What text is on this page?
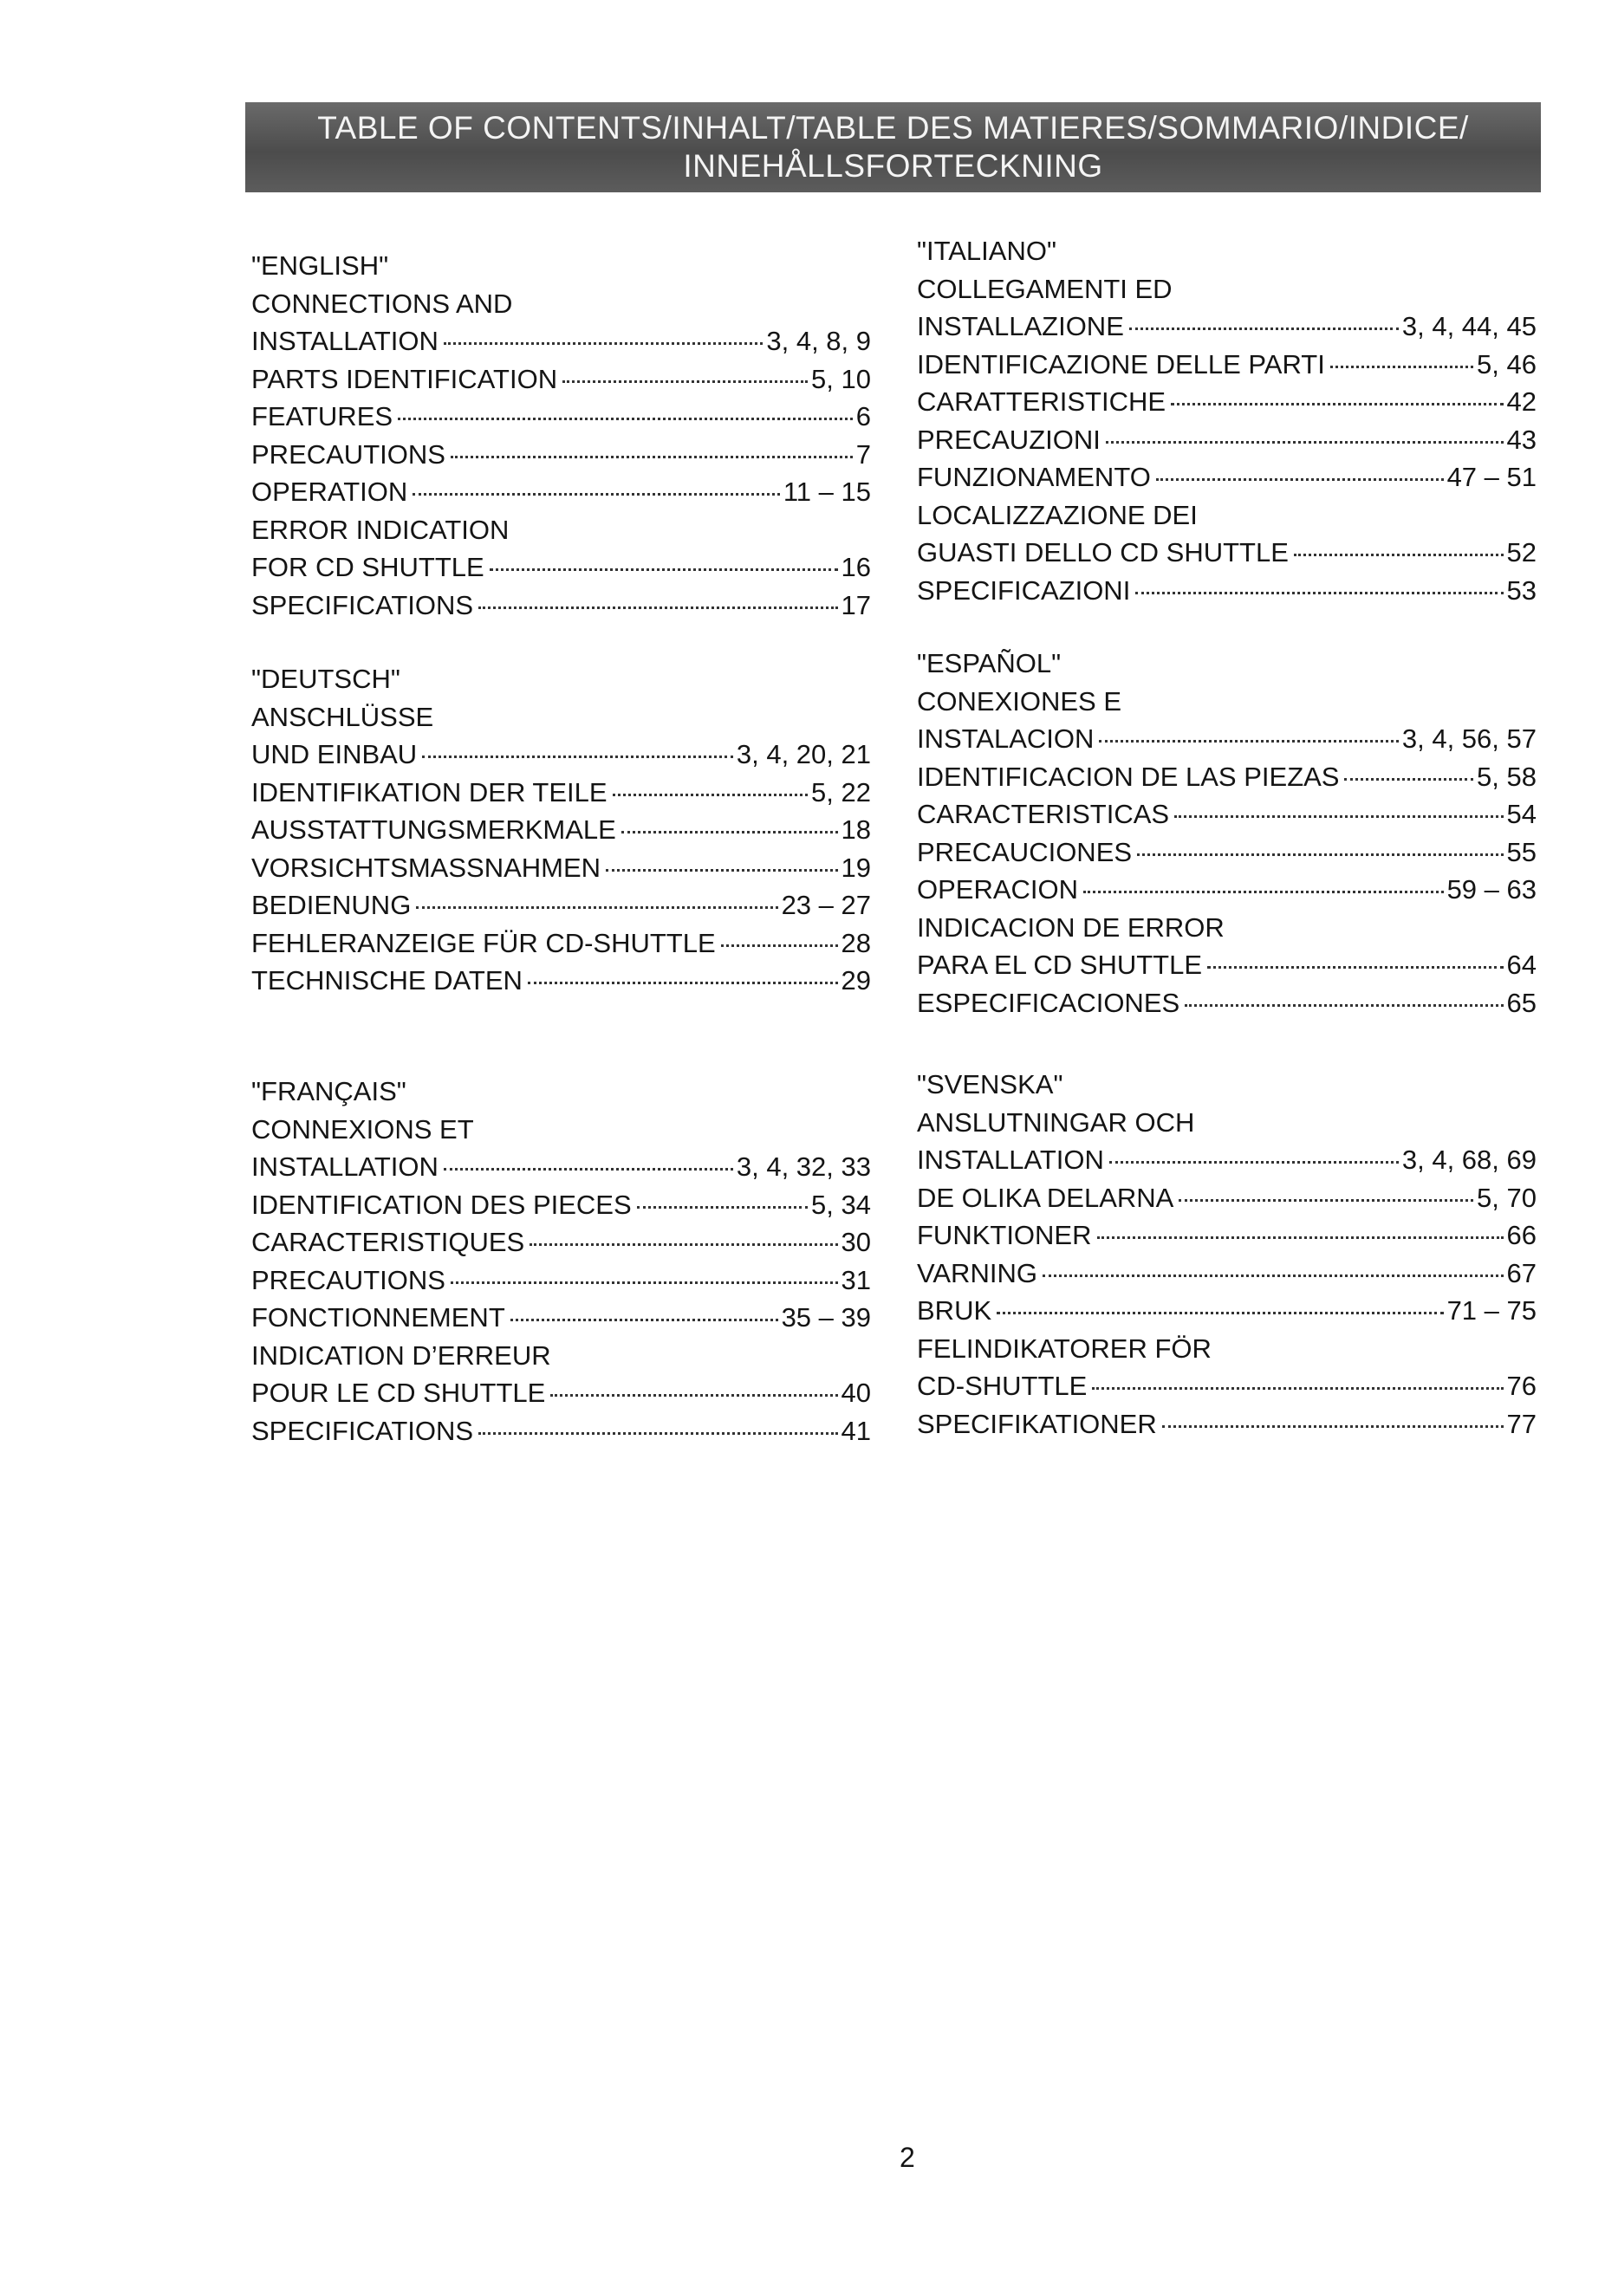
TABLE OF CONTENTS/INHALT/TABLE DES MATIERES/SOMMARIO/INDICE/
INNEHÅLLSFORTECKNING
"ENGLISH"
CONNECTIONS AND
INSTALLATION	3, 4, 8, 9
PARTS IDENTIFICATION	5, 10
FEATURES	6
PRECAUTIONS	7
OPERATION	11 – 15
ERROR INDICATION
FOR CD SHUTTLE	16
SPECIFICATIONS	17
"DEUTSCH"
ANSCHLÜSSE
UND EINBAU	3, 4, 20, 21
IDENTIFIKATION DER TEILE	5, 22
AUSSTATTUNGSMERKMALE	18
VORSICHTSMASSNAHMEN	19
BEDIENUNG	23 – 27
FEHLERANZEIGE FÜR CD-SHUTTLE	28
TECHNISCHE DATEN	29
"FRANÇAIS"
CONNEXIONS ET
INSTALLATION	3, 4, 32, 33
IDENTIFICATION DES PIECES	5, 34
CARACTERISTIQUES	30
PRECAUTIONS	31
FONCTIONNEMENT	35 – 39
INDICATION D’ERREUR
POUR LE CD SHUTTLE	40
SPECIFICATIONS	41
"ITALIANO"
COLLEGAMENTI ED
INSTALLAZIONE	3, 4, 44, 45
IDENTIFICAZIONE DELLE PARTI	5, 46
CARATTERISTICHE	42
PRECAUZIONI	43
FUNZIONAMENTO	47 – 51
LOCALIZZAZIONE DEI
GUASTI DELLO CD SHUTTLE	52
SPECIFICAZIONI	53
"ESPAÑOL"
CONEXIONES E
INSTALACION	3, 4, 56, 57
IDENTIFICACION DE LAS PIEZAS	5, 58
CARACTERISTICAS	54
PRECAUCIONES	55
OPERACION	59 – 63
INDICACION DE ERROR
PARA EL CD SHUTTLE	64
ESPECIFICACIONES	65
"SVENSKA"
ANSLUTNINGAR OCH
INSTALLATION	3, 4, 68, 69
DE OLIKA DELARNA	5, 70
FUNKTIONER	66
VARNING	67
BRUK	71 – 75
FELINDIKATORER FÖR
CD-SHUTTLE	76
SPECIFIKATIONER	77
2
